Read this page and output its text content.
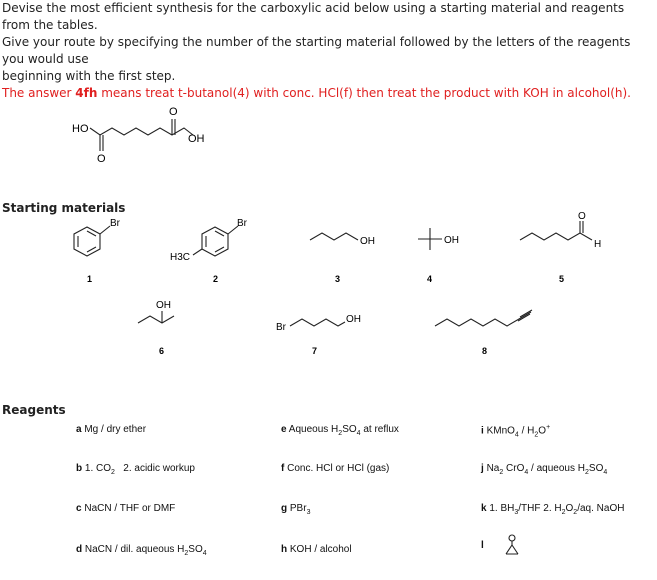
Devise the most efficient synthesis for the carboxylic acid below using a starting material and reagents from the tables.

Give your route by specifying the number of the starting material followed by the letters of the reagents you would use

beginning with the first step.

The answer 4fh means treat t-butanol(4) with conc. HCl(f) then treat the product with KOH in alcohol(h).

HO
OH
O
O
Starting materials
Br
1
Br
H3C
2
OH
3
OH
4
O
H
5
OH
6
Br
OH
7	8
Reagents
a Mg / dry ether
b 1. $CO_2$ 2. acidic workup
c NaCN / THF or DMF
d NaCN / dil. aqueous $H_2SO_4$
e Aqueous $H_2SO_4$ at reflux
f Conc. HCl or HCl (gas)
g PBr$_3$
h KOH / alcohol
i KMnO$_4$ / $H_2O^+$
j $Na_2$ CrO$_4$ / aqueous $H_2SO_4$
k 1. $BH_3$/THF 2. $H_2O_2/aq$. NaOH
l
